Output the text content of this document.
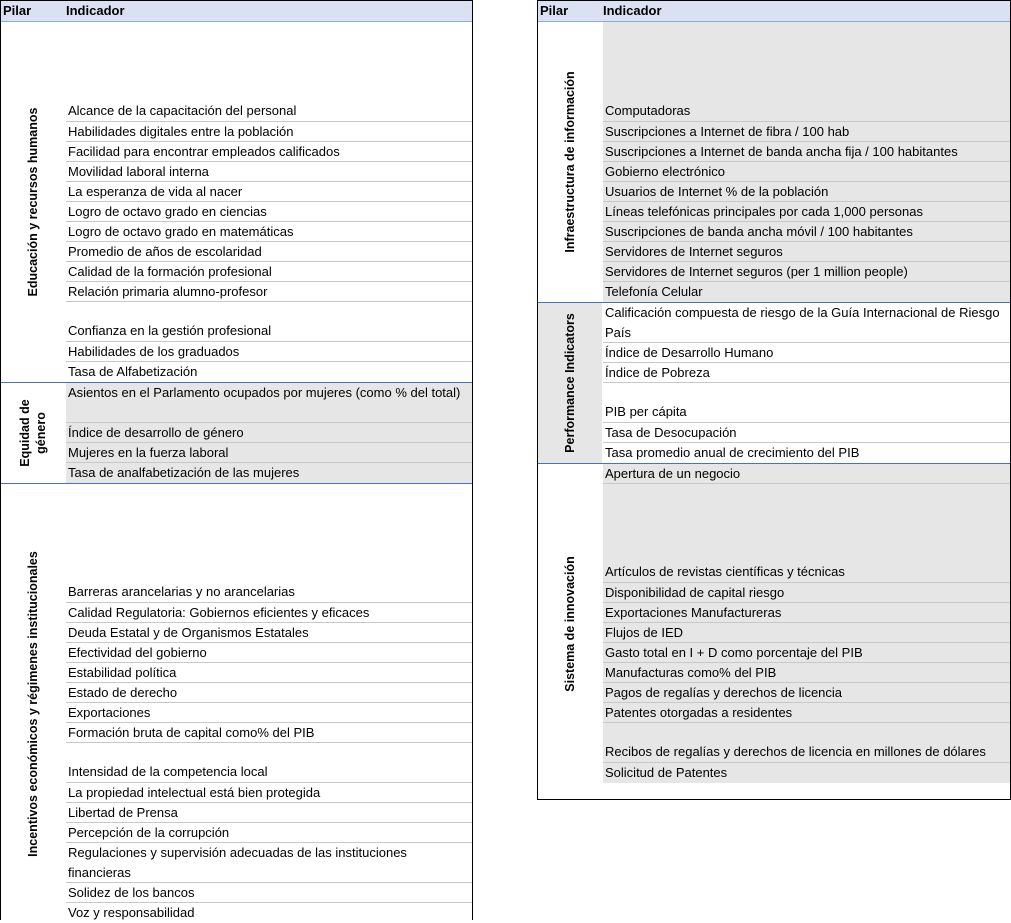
Pilar	Indicador
Educación y recursos humanos Alcance de la capacitación del personal
Habilidades digitales entre la población
Facilidad para encontrar empleados calificados
Movilidad laboral interna
La esperanza de vida al nacer
Logro de octavo grado en ciencias
Logro de octavo grado en matemáticas
Promedio de años de escolaridad
Calidad de la formación profesional
Relación primaria alumno-profesor
Confianza en la gestión profesional
Habilidades de los graduados
Tasa de Alfabetización
Equidad de género
Asientos en el Parlamento ocupados por mujeres (como % del total)
Índice de desarrollo de género
Mujeres en la fuerza laboral
Tasa de analfabetización de las mujeres
Incentivos económicos y régimenes institucionales Barreras arancelarias y no arancelarias
Calidad Regulatoria: Gobiernos eficientes y eficaces
Deuda Estatal y de Organismos Estatales
Efectividad del gobierno
Estabilidad política
Estado de derecho
Exportaciones
Formación bruta de capital como% del PIB
Intensidad de la competencia local
La propiedad intelectual está bien protegida
Libertad de Prensa
Percepción de la corrupción
Regulaciones y supervisión adecuadas de las instituciones financieras
Solidez de los bancos
Voz y responsabilidad
Pilar	Indicador
Infraestructura de información Computadoras
Suscripciones a Internet de fibra / 100 hab
Suscripciones a Internet de banda ancha fija / 100 habitantes
Gobierno electrónico
Usuarios de Internet % de la población
Líneas telefónicas principales por cada 1,000 personas
Suscripciones de banda ancha móvil / 100 habitantes
Servidores de Internet seguros
Servidores de Internet seguros (per 1 million people)
Telefonía Celular
Performance Indicators
Calificación compuesta de riesgo de la Guía Internacional de Riesgo País
Índice de Desarrollo Humano
Índice de Pobreza
PIB per cápita
Tasa de Desocupación
Tasa promedio anual de crecimiento del PIB
Sistema de innovación
Apertura de un negocio
Artículos de revistas científicas y técnicas
Disponibilidad de capital riesgo
Exportaciones Manufactureras
Flujos de IED
Gasto total en I + D como porcentaje del PIB
Manufacturas como% del PIB
Pagos de regalías y derechos de licencia
Patentes otorgadas a residentes
Recibos de regalías y derechos de licencia en millones de dólares
Solicitud de Patentes
